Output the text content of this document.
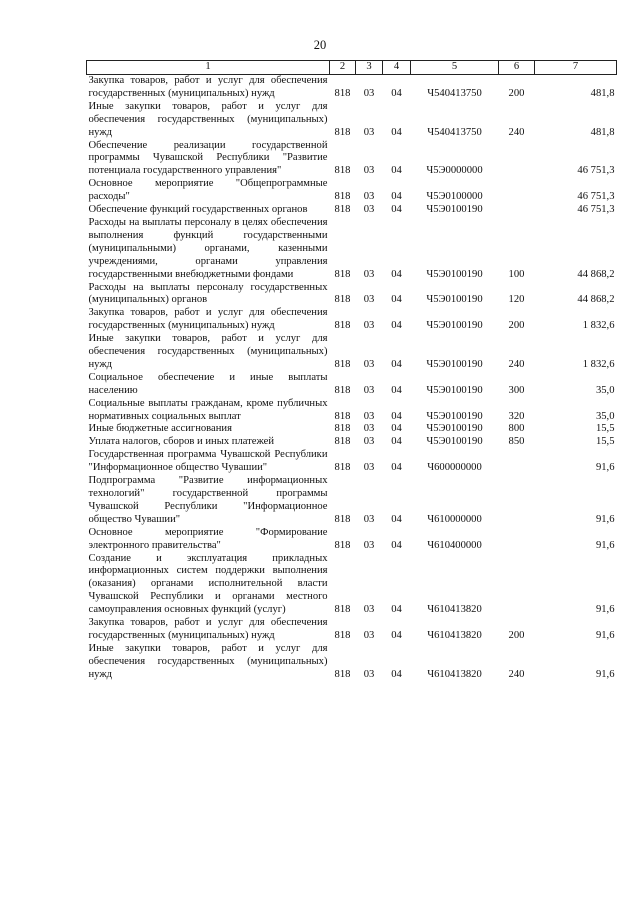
20
1	2	3	4	5	6	7
Закупка товаров, работ и услуг для обеспечения государственных (муниципальных) нужд	818	03	04	Ч540413750	200	481,8
Иные закупки товаров, работ и услуг для обеспечения государственных (муниципальных) нужд	818	03	04	Ч540413750	240	481,8
Обеспечение реализации государственной программы Чувашской Республики "Развитие потенциала государственного управления"	818	03	04	Ч5Э0000000		46 751,3
Основное мероприятие "Общепрограммные расходы"	818	03	04	Ч5Э0100000		46 751,3
Обеспечение функций государственных органов	818	03	04	Ч5Э0100190		46 751,3
Расходы на выплаты персоналу в целях обеспечения выполнения функций государственными (муниципальными) органами, казенными учреждениями, органами управления государственными внебюджетными фондами	818	03	04	Ч5Э0100190	100	44 868,2
Расходы на выплаты персоналу государственных (муниципальных) органов	818	03	04	Ч5Э0100190	120	44 868,2
Закупка товаров, работ и услуг для обеспечения государственных (муниципальных) нужд	818	03	04	Ч5Э0100190	200	1 832,6
Иные закупки товаров, работ и услуг для обеспечения государственных (муниципальных) нужд	818	03	04	Ч5Э0100190	240	1 832,6
Социальное обеспечение и иные выплаты населению	818	03	04	Ч5Э0100190	300	35,0
Социальные выплаты гражданам, кроме публичных нормативных социальных выплат	818	03	04	Ч5Э0100190	320	35,0
Иные бюджетные ассигнования	818	03	04	Ч5Э0100190	800	15,5
Уплата налогов, сборов и иных платежей	818	03	04	Ч5Э0100190	850	15,5
Государственная программа Чувашской Республики "Информационное общество Чувашии"	818	03	04	Ч600000000		91,6
Подпрограмма "Развитие информационных технологий" государственной программы Чувашской Республики "Информационное общество Чувашии"	818	03	04	Ч610000000		91,6
Основное мероприятие "Формирование электронного правительства"	818	03	04	Ч610400000		91,6
Создание и эксплуатация прикладных информационных систем поддержки выполнения (оказания) органами исполнительной власти Чувашской Республики и органами местного самоуправления основных функций (услуг)	818	03	04	Ч610413820		91,6
Закупка товаров, работ и услуг для обеспечения государственных (муниципальных) нужд	818	03	04	Ч610413820	200	91,6
Иные закупки товаров, работ и услуг для обеспечения государственных (муниципальных) нужд	818	03	04	Ч610413820	240	91,6
